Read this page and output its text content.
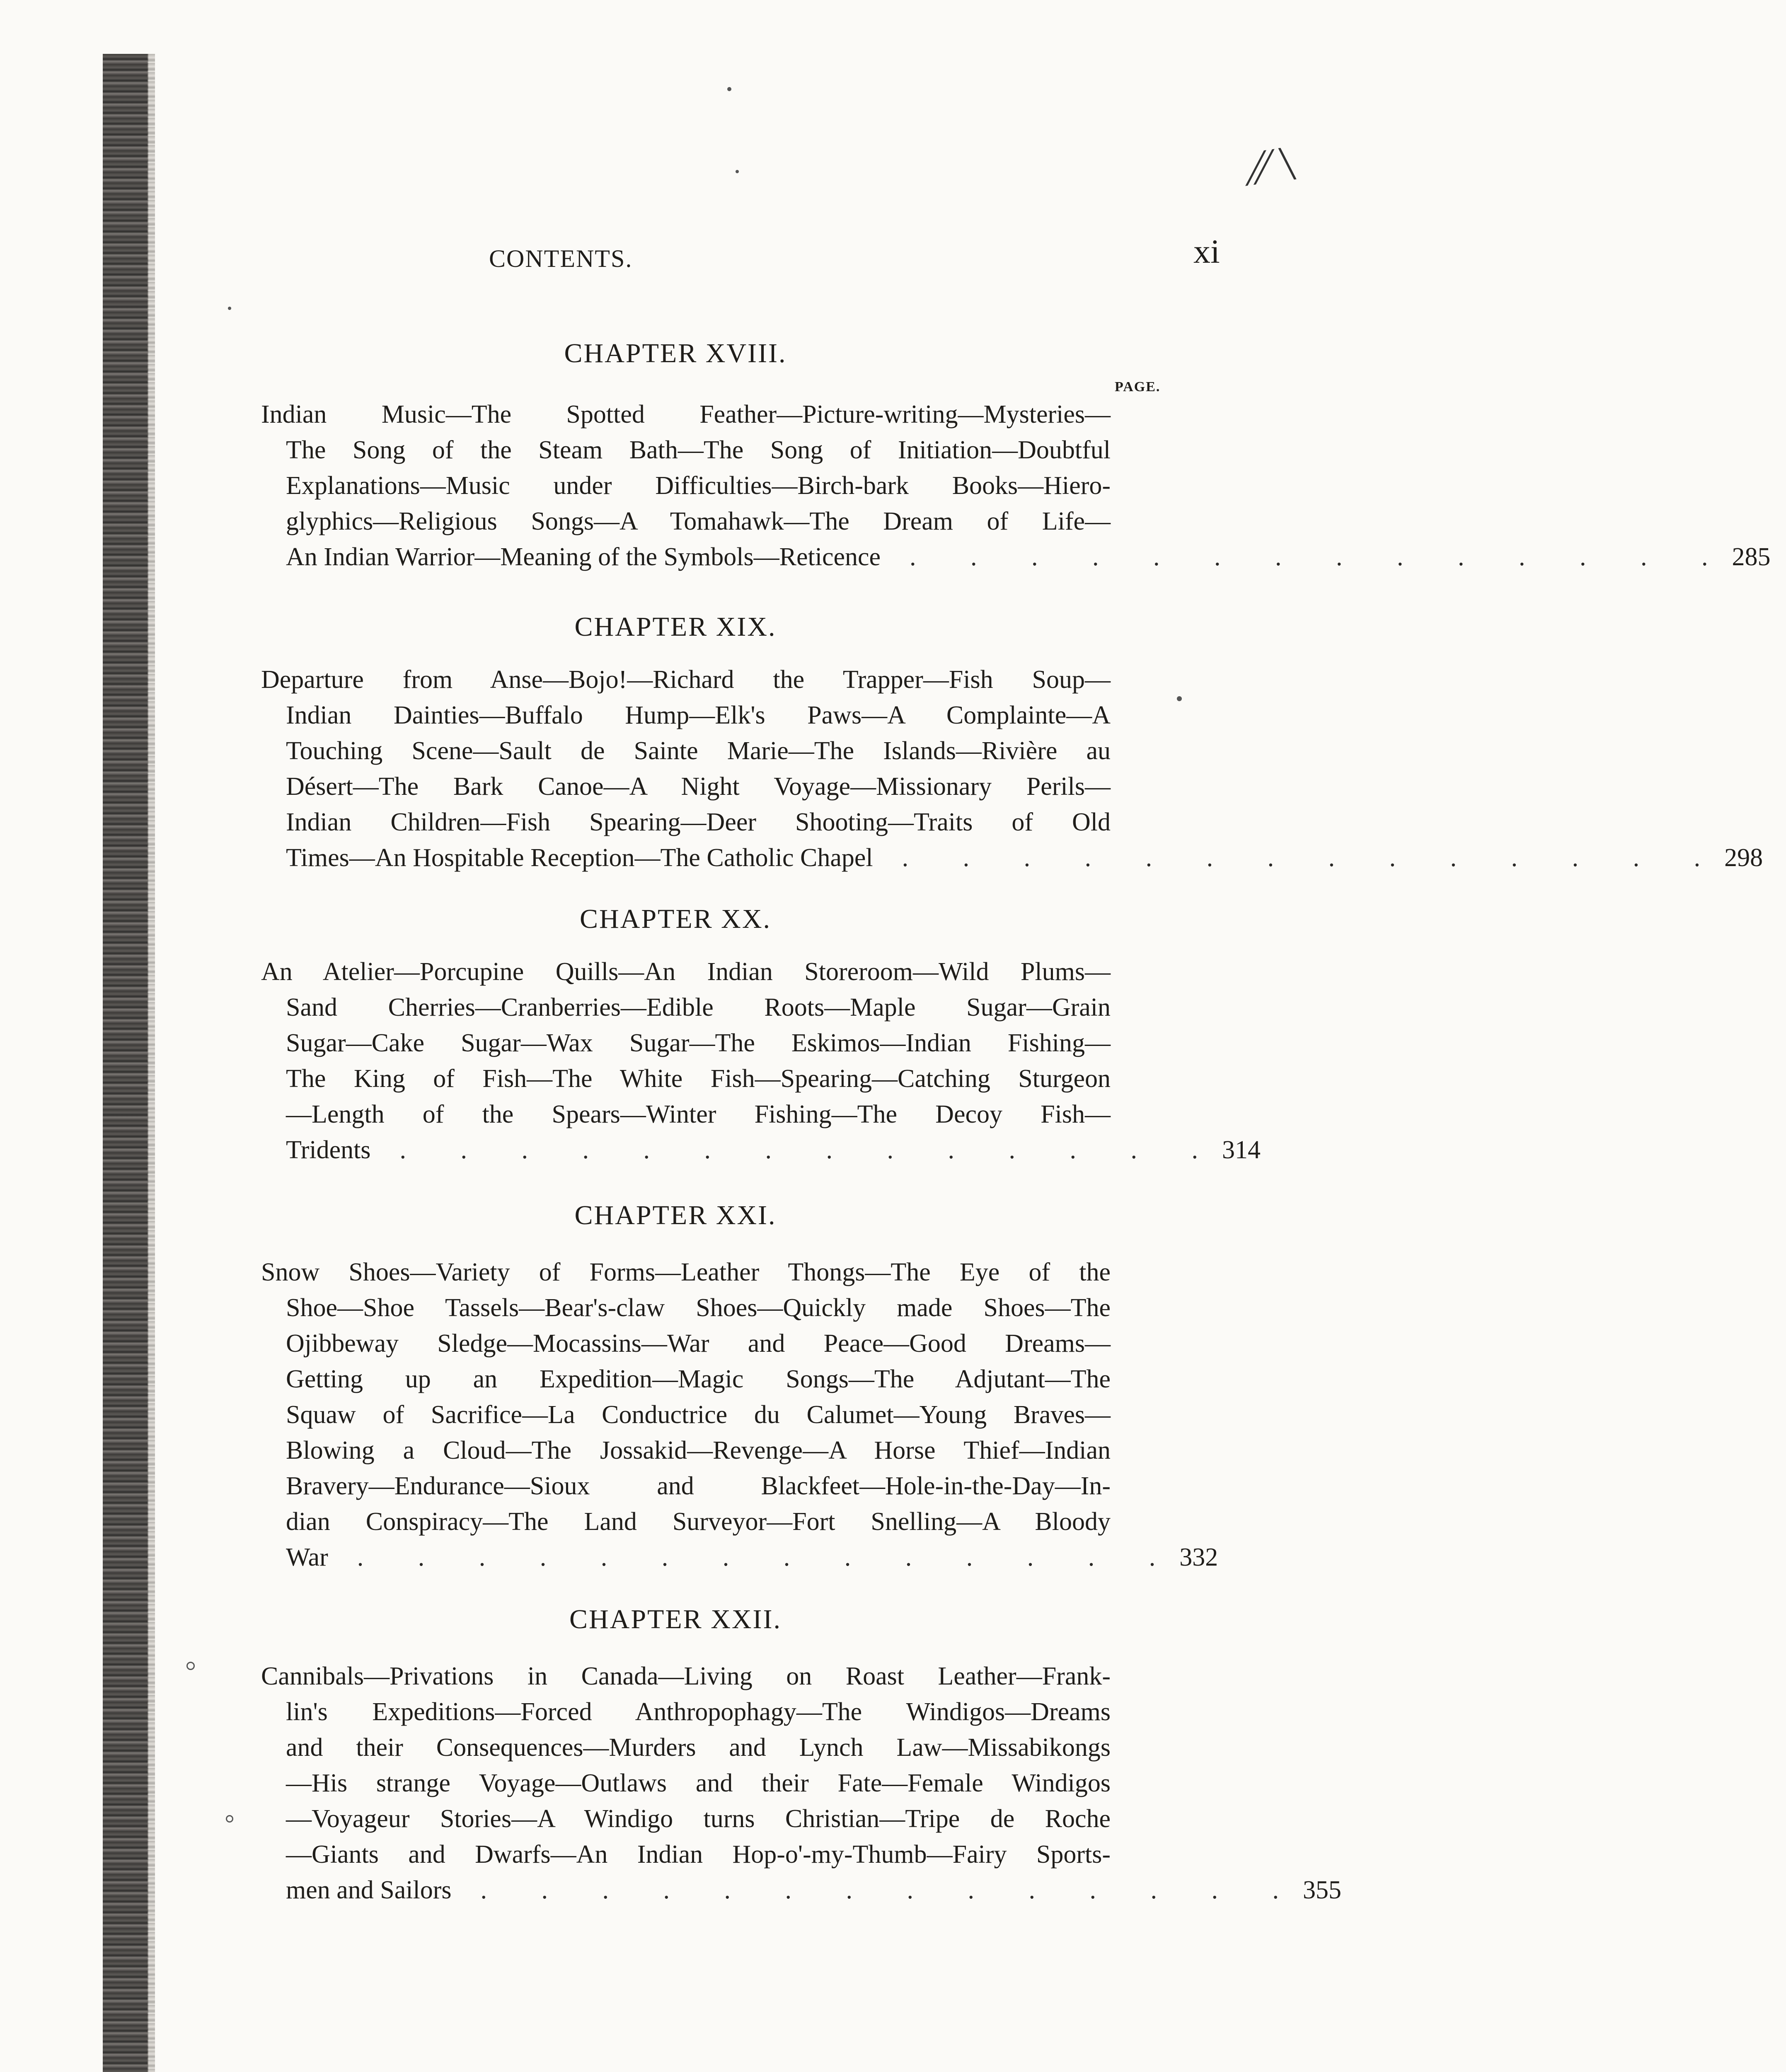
⁄∕ \
CONTENTS.	xi
PAGE.
CHAPTER XVIII.
Indian Music—The Spotted Feather—Picture-writing—Mysteries—
The Song of the Steam Bath—The Song of Initiation—Doubtful
Explanations—Music under Difficulties—Birch-bark Books—Hiero-
glyphics—Religious Songs—A Tomahawk—The Dream of Life—
An Indian Warrior—Meaning of the Symbols—Reticence	. . . . . . . . . . . . . . 285
CHAPTER XIX.
Departure from Anse—Bojo!—Richard the Trapper—Fish Soup—
Indian Dainties—Buffalo Hump—Elk's Paws—A Complainte—A
Touching Scene—Sault de Sainte Marie—The Islands—Rivière au
Désert—The Bark Canoe—A Night Voyage—Missionary Perils—
Indian Children—Fish Spearing—Deer Shooting—Traits of Old
Times—An Hospitable Reception—The Catholic Chapel	. . . . . . . . . . . . . . 298
CHAPTER XX.
An Atelier—Porcupine Quills—An Indian Storeroom—Wild Plums—
Sand Cherries—Cranberries—Edible Roots—Maple Sugar—Grain
Sugar—Cake Sugar—Wax Sugar—The Eskimos—Indian Fishing—
The King of Fish—The White Fish—Spearing—Catching Sturgeon
—Length of the Spears—Winter Fishing—The Decoy Fish—
Tridents	. . . . . . . . . . . . . . 314
CHAPTER XXI.
Snow Shoes—Variety of Forms—Leather Thongs—The Eye of the
Shoe—Shoe Tassels—Bear's-claw Shoes—Quickly made Shoes—The
Ojibbeway Sledge—Mocassins—War and Peace—Good Dreams—
Getting up an Expedition—Magic Songs—The Adjutant—The
Squaw of Sacrifice—La Conductrice du Calumet—Young Braves—
Blowing a Cloud—The Jossakid—Revenge—A Horse Thief—Indian
Bravery—Endurance—Sioux and Blackfeet—Hole-in-the-Day—In-
dian Conspiracy—The Land Surveyor—Fort Snelling—A Bloody
War	. . . . . . . . . . . . . . 332
CHAPTER XXII.
Cannibals—Privations in Canada—Living on Roast Leather—Frank-
lin's Expeditions—Forced Anthropophagy—The Windigos—Dreams
and their Consequences—Murders and Lynch Law—Missabikongs
—His strange Voyage—Outlaws and their Fate—Female Windigos
—Voyageur Stories—A Windigo turns Christian—Tripe de Roche
—Giants and Dwarfs—An Indian Hop-o'-my-Thumb—Fairy Sports-
men and Sailors	. . . . . . . . . . . . . . 355
